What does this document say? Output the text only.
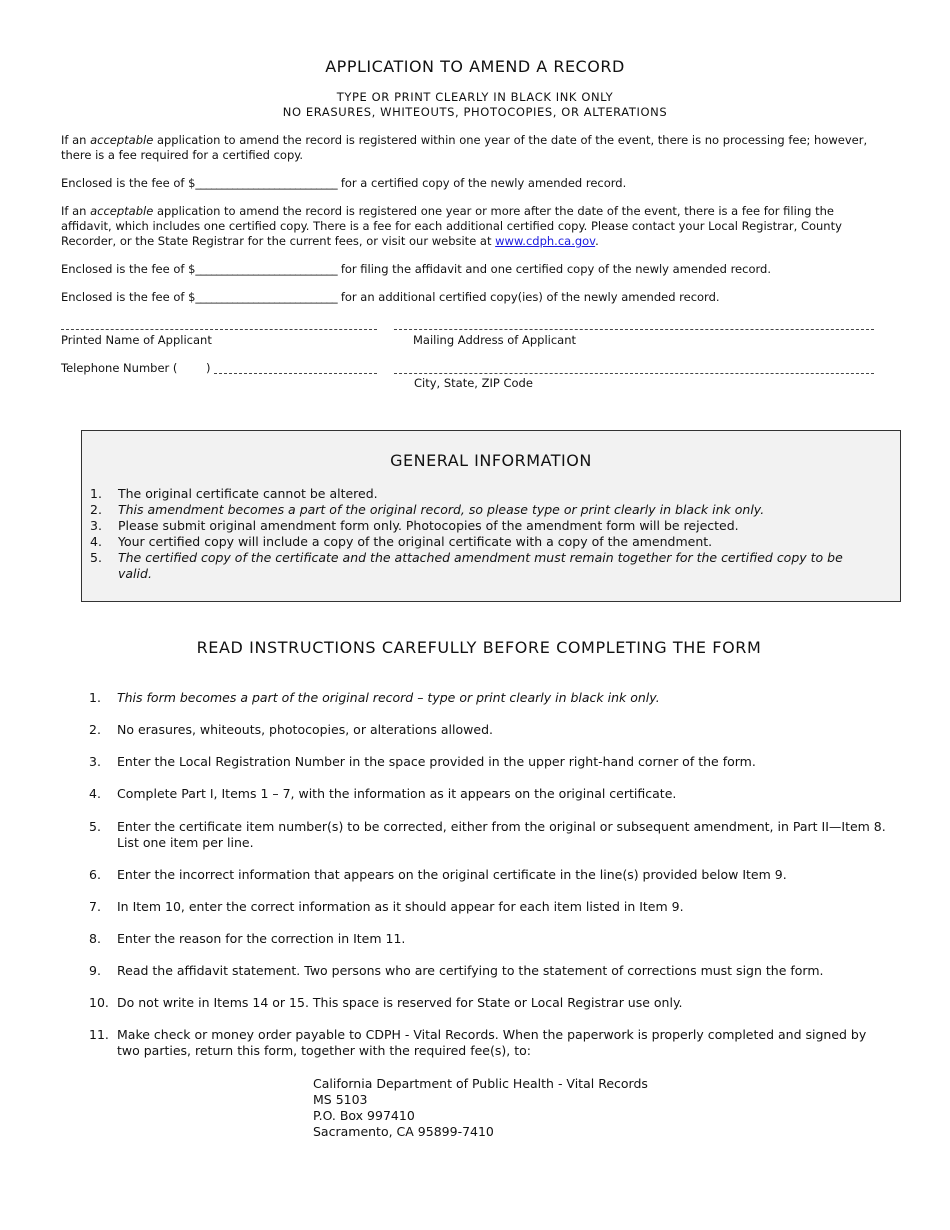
APPLICATION TO AMEND A RECORD
TYPE OR PRINT CLEARLY IN BLACK INK ONLY
NO ERASURES, WHITEOUTS, PHOTOCOPIES, OR ALTERATIONS
If an acceptable application to amend the record is registered within one year of the date of the event, there is no processing fee; however, there is a fee required for a certified copy.
Enclosed is the fee of $___________________________ for a certified copy of the newly amended record.
If an acceptable application to amend the record is registered one year or more after the date of the event, there is a fee for filing the affidavit, which includes one certified copy. There is a fee for each additional certified copy. Please contact your Local Registrar, County Recorder, or the State Registrar for the current fees, or visit our website at www.cdph.ca.gov.
Enclosed is the fee of $___________________________ for filing the affidavit and one certified copy of the newly amended record.
Enclosed is the fee of $___________________________ for an additional certified copy(ies) of the newly amended record.
Printed Name of Applicant	Mailing Address of Applicant
Telephone Number ( )
City, State, ZIP Code
GENERAL INFORMATION
1.	The original certificate cannot be altered.
2.	This amendment becomes a part of the original record, so please type or print clearly in black ink only.
3.	Please submit original amendment form only. Photocopies of the amendment form will be rejected.
4.	Your certified copy will include a copy of the original certificate with a copy of the amendment.
5.	The certified copy of the certificate and the attached amendment must remain together for the certified copy to be valid.
READ INSTRUCTIONS CAREFULLY BEFORE COMPLETING THE FORM
1.	This form becomes a part of the original record – type or print clearly in black ink only.
2.	No erasures, whiteouts, photocopies, or alterations allowed.
3.	Enter the Local Registration Number in the space provided in the upper right-hand corner of the form.
4.	Complete Part I, Items 1 – 7, with the information as it appears on the original certificate.
5.	Enter the certificate item number(s) to be corrected, either from the original or subsequent amendment, in Part II—Item 8. List one item per line.
6.	Enter the incorrect information that appears on the original certificate in the line(s) provided below Item 9.
7.	In Item 10, enter the correct information as it should appear for each item listed in Item 9.
8.	Enter the reason for the correction in Item 11.
9.	Read the affidavit statement. Two persons who are certifying to the statement of corrections must sign the form.
10. Do not write in Items 14 or 15. This space is reserved for State or Local Registrar use only.
11. Make check or money order payable to CDPH - Vital Records. When the paperwork is properly completed and signed by two parties, return this form, together with the required fee(s), to:
California Department of Public Health - Vital Records
MS 5103
P.O. Box 997410
Sacramento, CA 95899-7410
